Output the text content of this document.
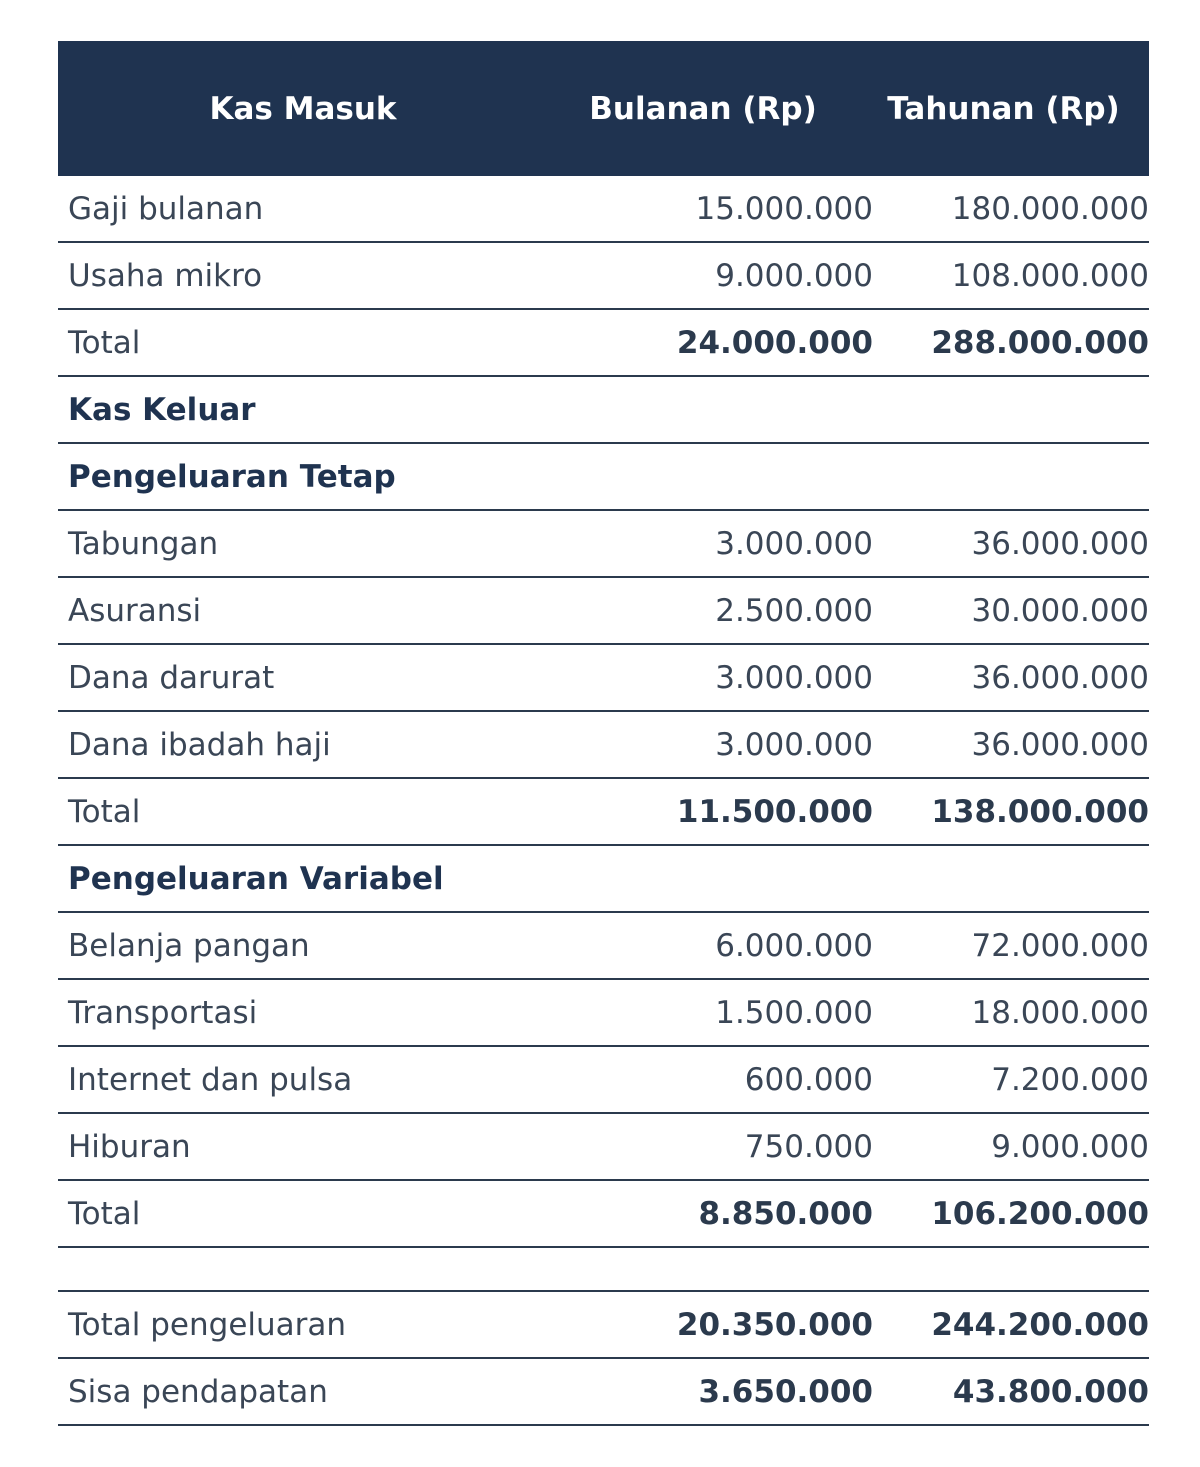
Kas Masuk	Bulanan (Rp)	Tahunan (Rp)
Gaji bulanan	15.000.000	180.000.000
Usaha mikro	9.000.000	108.000.000
Total	24.000.000	288.000.000
Kas Keluar
Pengeluaran Tetap
Tabungan	3.000.000	36.000.000
Asuransi	2.500.000	30.000.000
Dana darurat	3.000.000	36.000.000
Dana ibadah haji	3.000.000	36.000.000
Total	11.500.000	138.000.000
Pengeluaran Variabel
Belanja pangan	6.000.000	72.000.000
Transportasi	1.500.000	18.000.000
Internet dan pulsa	600.000	7.200.000
Hiburan	750.000	9.000.000
Total	8.850.000	106.200.000
Total pengeluaran	20.350.000	244.200.000
Sisa pendapatan	3.650.000	43.800.000
